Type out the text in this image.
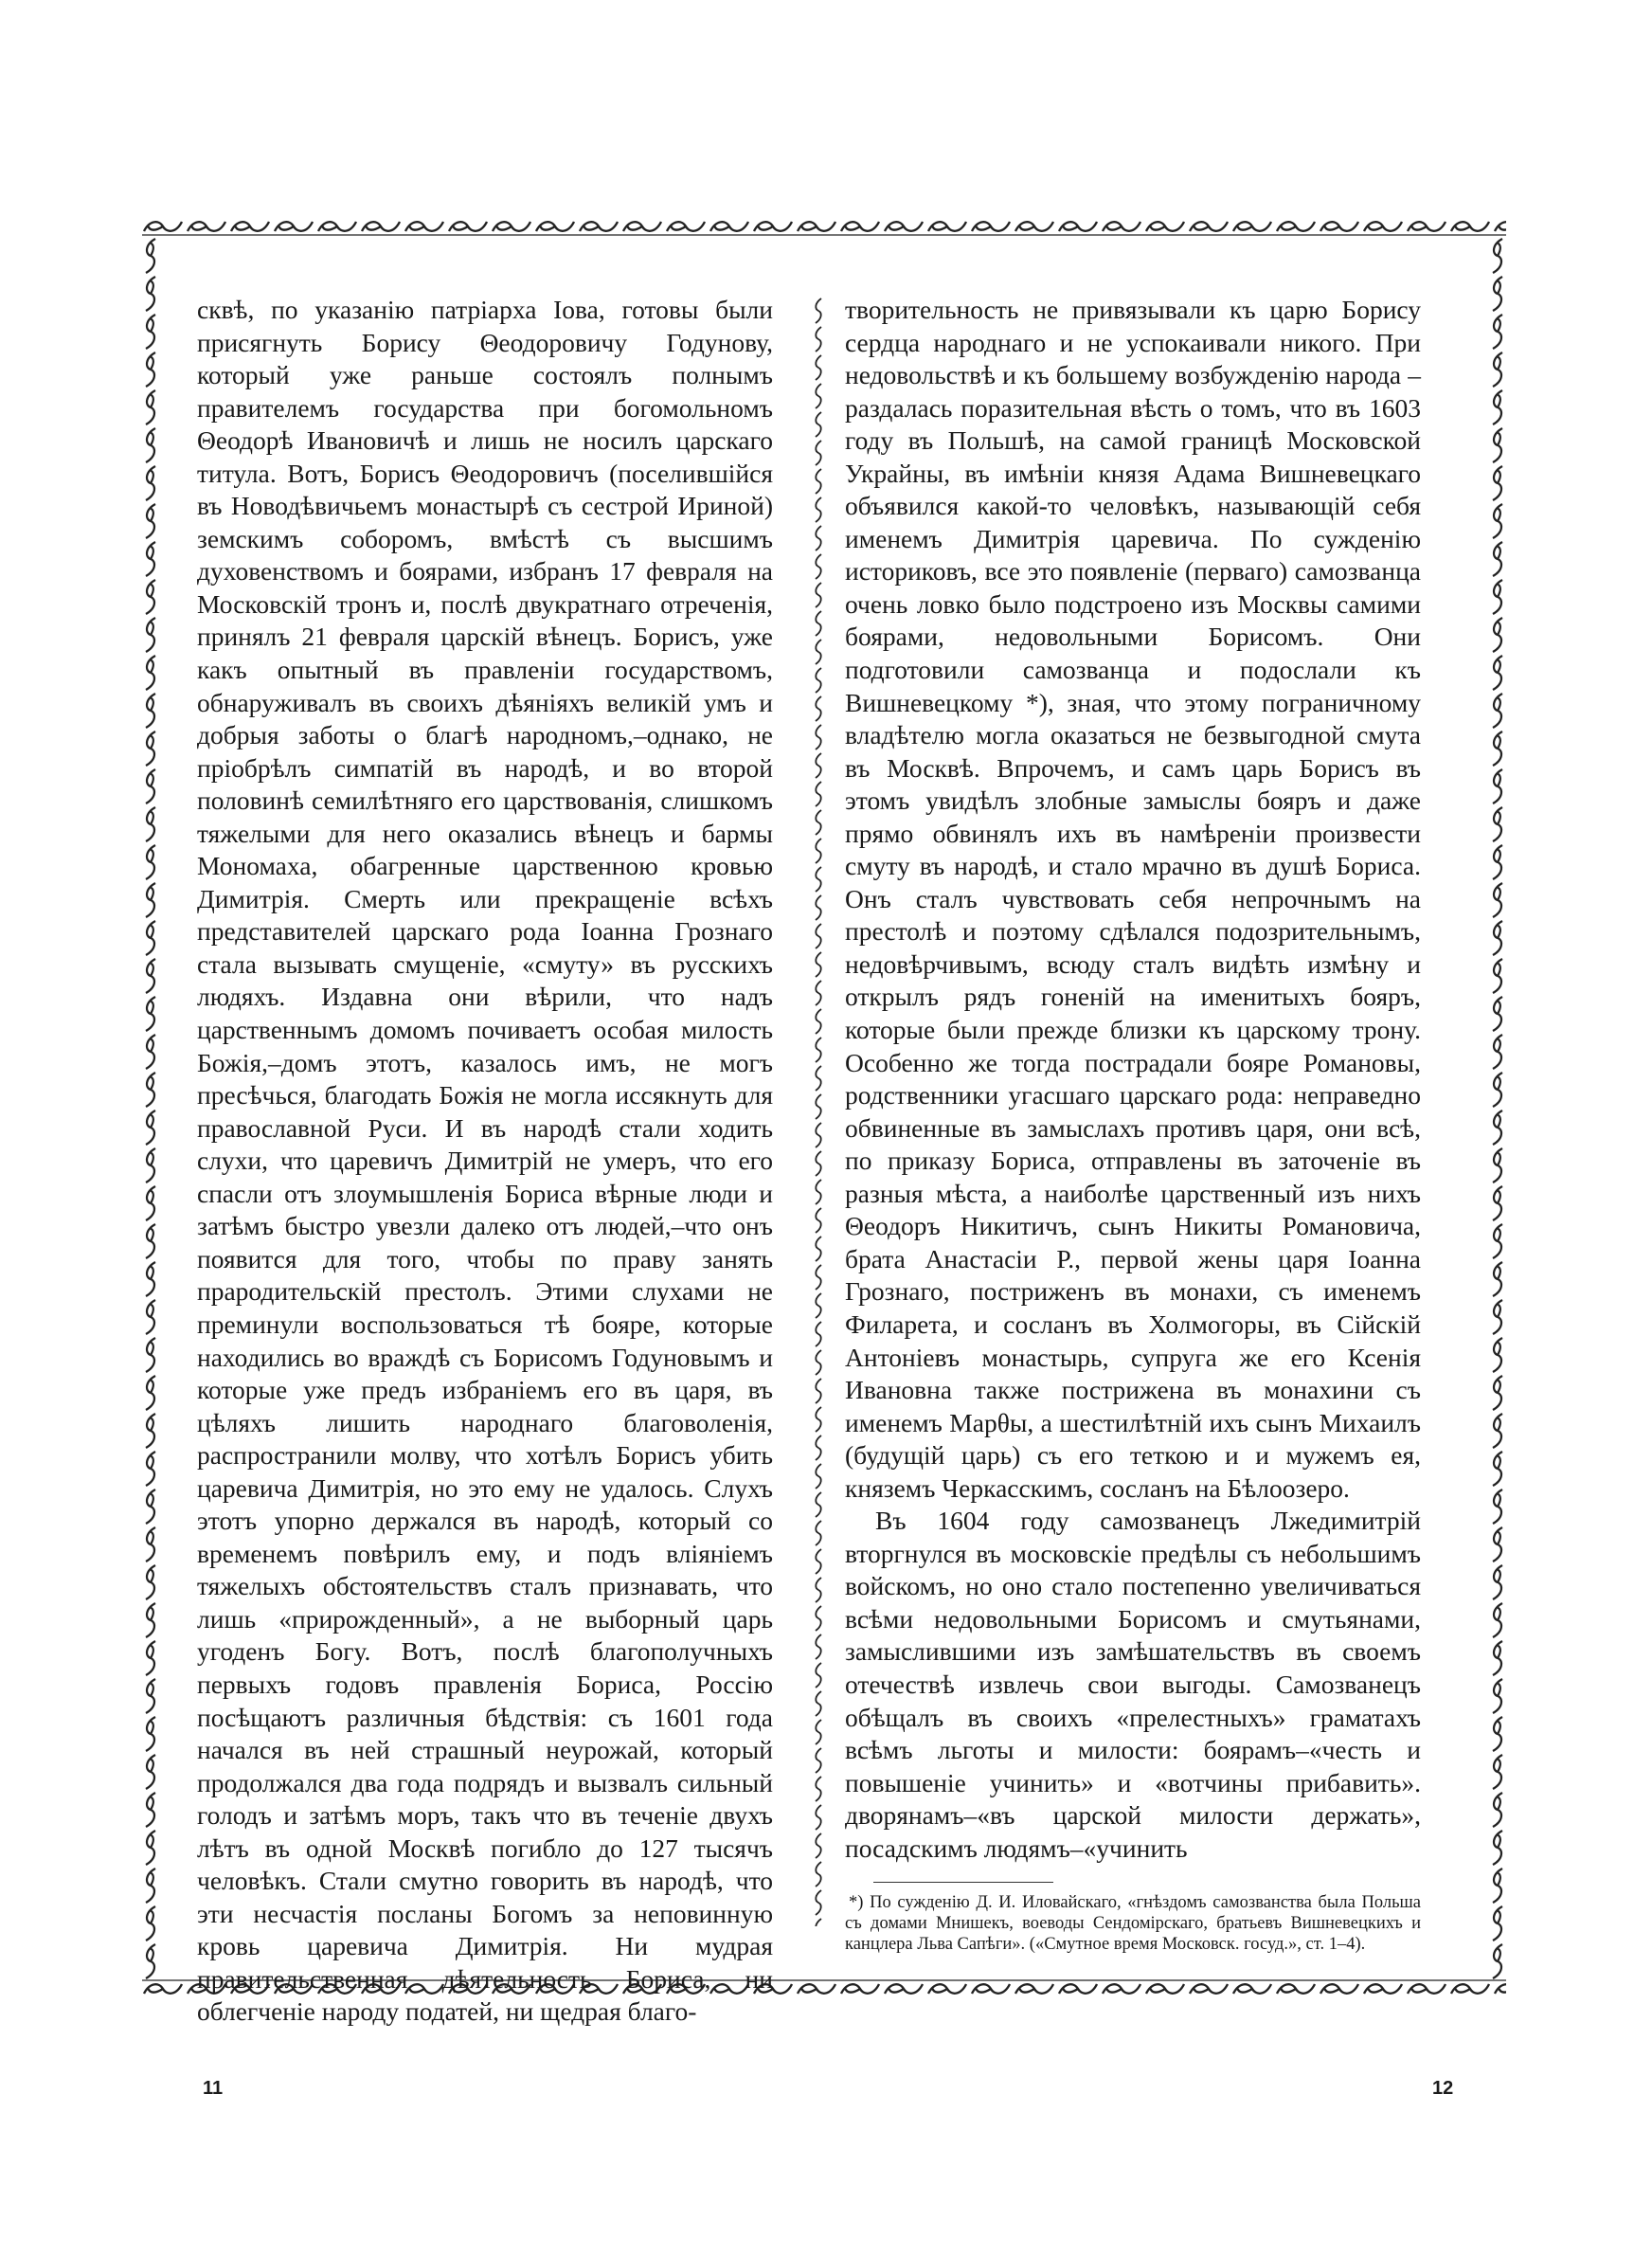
сквѣ, по указанію патріарха Іова, готовы были присягнуть Борису Θеодоровичу Годунову, который уже раньше состоялъ полнымъ правителемъ государства при богомольномъ Θеодорѣ Ивановичѣ и лишь не носилъ царскаго титула. Вотъ, Борисъ Θеодоровичъ (поселившійся въ Новодѣвичьемъ монастырѣ съ сестрой Ириной) земскимъ соборомъ, вмѣстѣ съ высшимъ духовенствомъ и боярами, избранъ 17 февраля на Московскій тронъ и, послѣ двукратнаго отреченія, принялъ 21 февраля царскій вѣнецъ. Борисъ, уже какъ опытный въ правленіи государствомъ, обнаруживалъ въ своихъ дѣяніяхъ великій умъ и добрыя заботы о благѣ народномъ,–однако, не пріобрѣлъ симпатій въ народѣ, и во второй половинѣ семилѣтняго его царствованія, слишкомъ тяжелыми для него оказались вѣнецъ и бармы Мономаха, обагренные царственною кровью Димитрія. Смерть или прекращеніе всѣхъ представителей царскаго рода Іоанна Грознаго стала вызывать смущеніе, «смуту» въ русскихъ людяхъ. Издавна они вѣрили, что надъ царственнымъ домомъ почиваетъ особая милость Божія,–домъ этотъ, казалось имъ, не могъ пресѣчься, благодать Божія не могла иссякнуть для православной Руси. И въ народѣ стали ходить слухи, что царевичъ Димитрій не умеръ, что его спасли отъ злоумышленія Бориса вѣрные люди и затѣмъ быстро увезли далеко отъ людей,–что онъ появится для того, чтобы по праву занять прародительскій престолъ. Этими слухами не преминули воспользоваться тѣ бояре, которые находились во враждѣ съ Борисомъ Годуновымъ и которые уже предъ избраніемъ его въ царя, въ цѣляхъ лишить народнаго благоволенія, распространили молву, что хотѣлъ Борисъ убить царевича Димитрія, но это ему не удалось. Слухъ этотъ упорно держался въ народѣ, который со временемъ повѣрилъ ему, и подъ вліяніемъ тяжелыхъ обстоятельствъ сталъ признавать, что лишь «прирожденный», а не выборный царь угоденъ Богу. Вотъ, послѣ благополучныхъ первыхъ годовъ правленія Бориса, Россію посѣщаютъ различныя бѣдствія: съ 1601 года начался въ ней страшный неурожай, который продолжался два года подрядъ и вызвалъ сильный голодъ и затѣмъ моръ, такъ что въ теченіе двухъ лѣтъ въ одной Москвѣ погибло до 127 тысячъ человѣкъ. Стали смутно говорить въ народѣ, что эти несчастія посланы Богомъ за неповинную кровь царевича Димитрія. Ни мудрая правительственная дѣятельность Бориса, ни облегченіе народу податей, ни щедрая благо-

творительность не привязывали къ царю Борису сердца народнаго и не успокаивали никого. При недовольствѣ и къ большему возбужденію народа – раздалась поразительная вѣсть о томъ, что въ 1603 году въ Польшѣ, на самой границѣ Московской Украйны, въ имѣніи князя Адама Вишневецкаго объявился какой-то человѣкъ, называющій себя именемъ Димитрія царевича. По сужденію историковъ, все это появленіе (перваго) самозванца очень ловко было подстроено изъ Москвы самими боярами, недовольными Борисомъ. Они подготовили самозванца и подослали къ Вишневецкому *), зная, что этому пограничному владѣтелю могла оказаться не безвыгодной смута въ Москвѣ. Впрочемъ, и самъ царь Борисъ въ этомъ увидѣлъ злобные замыслы бояръ и даже прямо обвинялъ ихъ въ намѣреніи произвести смуту въ народѣ, и стало мрачно въ душѣ Бориса. Онъ сталъ чувствовать себя непрочнымъ на престолѣ и поэтому сдѣлался подозрительнымъ, недовѣрчивымъ, всюду сталъ видѣть измѣну и открылъ рядъ гоненій на именитыхъ бояръ, которые были прежде близки къ царскому трону. Особенно же тогда пострадали бояре Романовы, родственники угасшаго царскаго рода: неправедно обвиненные въ замыслахъ противъ царя, они всѣ, по приказу Бориса, отправлены въ заточеніе въ разныя мѣста, а наиболѣе царственный изъ нихъ Θеодоръ Никитичъ, сынъ Никиты Романовича, брата Анастасіи Р., первой жены царя Іоанна Грознаго, постриженъ въ монахи, съ именемъ Филарета, и сосланъ въ Холмогоры, въ Сійскій Антоніевъ монастырь, супруга же его Ксенія Ивановна также пострижена въ монахини съ именемъ Марθы, а шестилѣтній ихъ сынъ Михаилъ (будущій царь) съ его теткою и и мужемъ ея, княземъ Черкасскимъ, сосланъ на Бѣлоозеро.

Въ 1604 году самозванецъ Лжедимитрій вторгнулся въ московскіе предѣлы съ небольшимъ войскомъ, но оно стало постепенно увеличиваться всѣми недовольными Борисомъ и смутьянами, замыслившими изъ замѣшательствъ въ своемъ отечествѣ извлечь свои выгоды. Самозванецъ обѣщалъ въ своихъ «прелестныхъ» граматахъ всѣмъ льготы и милости: боярамъ–«честь и повышеніе учинить» и «вотчины прибавить». дворянамъ–«въ царской милости держать», посадскимъ людямъ–«учинить

*) По сужденію Д. И. Иловайскаго, «гнѣздомъ самозванства была Польша съ домами Мнишекъ, воеводы Сендомірскаго, братьевъ Вишневецкихъ и канцлера Льва Сапѣги». («Смутное время Московск. госуд.», ст. 1–4).

11	12
